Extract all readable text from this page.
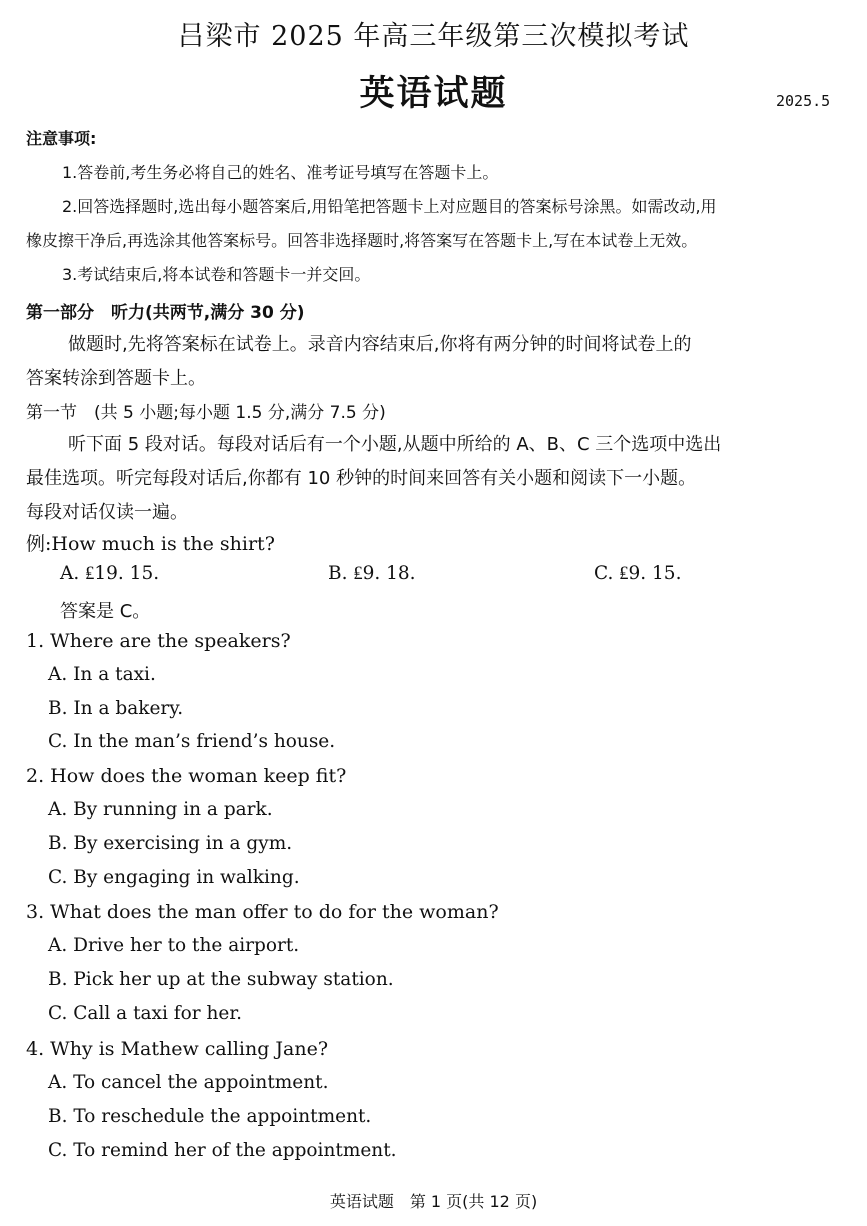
吕梁市 2025 年高三年级第三次模拟考试
英语试题	2025.5
注意事项:
1.答卷前,考生务必将自己的姓名、准考证号填写在答题卡上。
2.回答选择题时,选出每小题答案后,用铅笔把答题卡上对应题目的答案标号涂黑。如需改动,用
橡皮擦干净后,再选涂其他答案标号。回答非选择题时,将答案写在答题卡上,写在本试卷上无效。
3.考试结束后,将本试卷和答题卡一并交回。
第一部分　听力(共两节,满分 30 分)
做题时,先将答案标在试卷上。录音内容结束后,你将有两分钟的时间将试卷上的
答案转涂到答题卡上。
第一节　(共 5 小题;每小题 1.5 分,满分 7.5 分)
听下面 5 段对话。每段对话后有一个小题,从题中所给的 A、B、C 三个选项中选出
最佳选项。听完每段对话后,你都有 10 秒钟的时间来回答有关小题和阅读下一小题。
每段对话仅读一遍。
例:How much is the shirt?
A. ₤19. 15.	B. ₤9. 18.	C. ₤9. 15.
答案是 C。
1. Where are the speakers?
A. In a taxi.
B. In a bakery.
C. In the man’s friend’s house.
2. How does the woman keep fit?
A. By running in a park.
B. By exercising in a gym.
C. By engaging in walking.
3. What does the man offer to do for the woman?
A. Drive her to the airport.
B. Pick her up at the subway station.
C. Call a taxi for her.
4. Why is Mathew calling Jane?
A. To cancel the appointment.
B. To reschedule the appointment.
C. To remind her of the appointment.
英语试题　第 1 页(共 12 页)
